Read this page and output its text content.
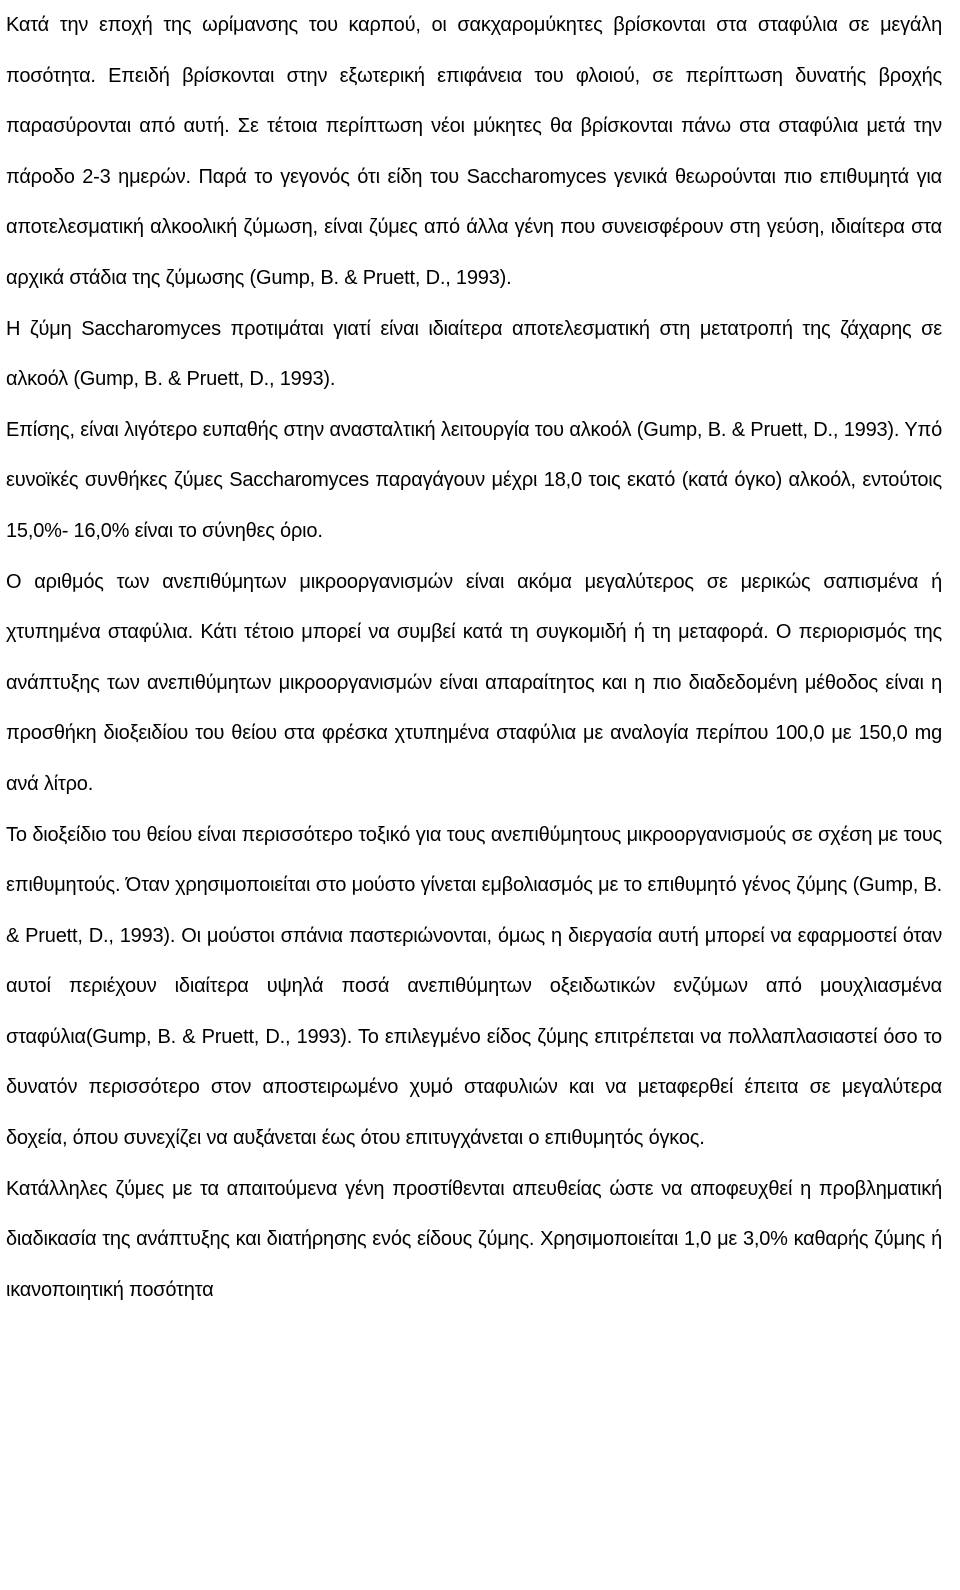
Κατά την εποχή της ωρίμανσης του καρπού, οι σακχαρομύκητες βρίσκονται στα σταφύλια σε μεγάλη ποσότητα. Επειδή βρίσκονται στην εξωτερική επιφάνεια του φλοιού, σε περίπτωση δυνατής βροχής παρασύρονται από αυτή. Σε τέτοια περίπτωση νέοι μύκητες θα βρίσκονται πάνω στα σταφύλια μετά την πάροδο 2-3 ημερών. Παρά το γεγονός ότι είδη του Saccharomyces γενικά θεωρούνται πιο επιθυμητά για αποτελεσματική αλκοολική ζύμωση, είναι ζύμες από άλλα γένη που συνεισφέρουν στη γεύση, ιδιαίτερα στα αρχικά στάδια της ζύμωσης (Gump, B. & Pruett, D., 1993).

Η ζύμη Saccharomyces προτιμάται γιατί είναι ιδιαίτερα αποτελεσματική στη μετατροπή της ζάχαρης σε αλκοόλ (Gump, B. & Pruett, D., 1993).

Επίσης, είναι λιγότερο ευπαθής στην ανασταλτική λειτουργία του αλκοόλ (Gump, B. & Pruett, D., 1993). Υπό ευνοϊκές συνθήκες ζύμες Saccharomyces παραγάγουν μέχρι 18,0 τοις εκατό (κατά όγκο) αλκοόλ, εντούτοις 15,0%- 16,0% είναι το σύνηθες όριο.

Ο αριθμός των ανεπιθύμητων μικροοργανισμών είναι ακόμα μεγαλύτερος σε μερικώς σαπισμένα ή χτυπημένα σταφύλια. Κάτι τέτοιο μπορεί να συμβεί κατά τη συγκομιδή ή τη μεταφορά. Ο περιορισμός της ανάπτυξης των ανεπιθύμητων μικροοργανισμών είναι απαραίτητος και η πιο διαδεδομένη μέθοδος είναι η προσθήκη διοξειδίου του θείου στα φρέσκα χτυπημένα σταφύλια με αναλογία περίπου 100,0 με 150,0 mg ανά λίτρο.

Το διοξείδιο του θείου είναι περισσότερο τοξικό για τους ανεπιθύμητους μικροοργανισμούς σε σχέση με τους επιθυμητούς. Όταν χρησιμοποιείται στο μούστο γίνεται εμβολιασμός με το επιθυμητό γένος ζύμης (Gump, B. & Pruett, D., 1993). Οι μούστοι σπάνια παστεριώνονται, όμως η διεργασία αυτή μπορεί να εφαρμοστεί όταν αυτοί περιέχουν ιδιαίτερα υψηλά ποσά ανεπιθύμητων οξειδωτικών ενζύμων από μουχλιασμένα σταφύλια(Gump, B. & Pruett, D., 1993). Το επιλεγμένο είδος ζύμης επιτρέπεται να πολλαπλασιαστεί όσο το δυνατόν περισσότερο στον αποστειρωμένο χυμό σταφυλιών και να μεταφερθεί έπειτα σε μεγαλύτερα δοχεία, όπου συνεχίζει να αυξάνεται έως ότου επιτυγχάνεται ο επιθυμητός όγκος.

Κατάλληλες ζύμες με τα απαιτούμενα γένη προστίθενται απευθείας ώστε να αποφευχθεί η προβληματική διαδικασία της ανάπτυξης και διατήρησης ενός είδους ζύμης. Χρησιμοποιείται 1,0 με 3,0% καθαρής ζύμης ή ικανοποιητική ποσότητα
